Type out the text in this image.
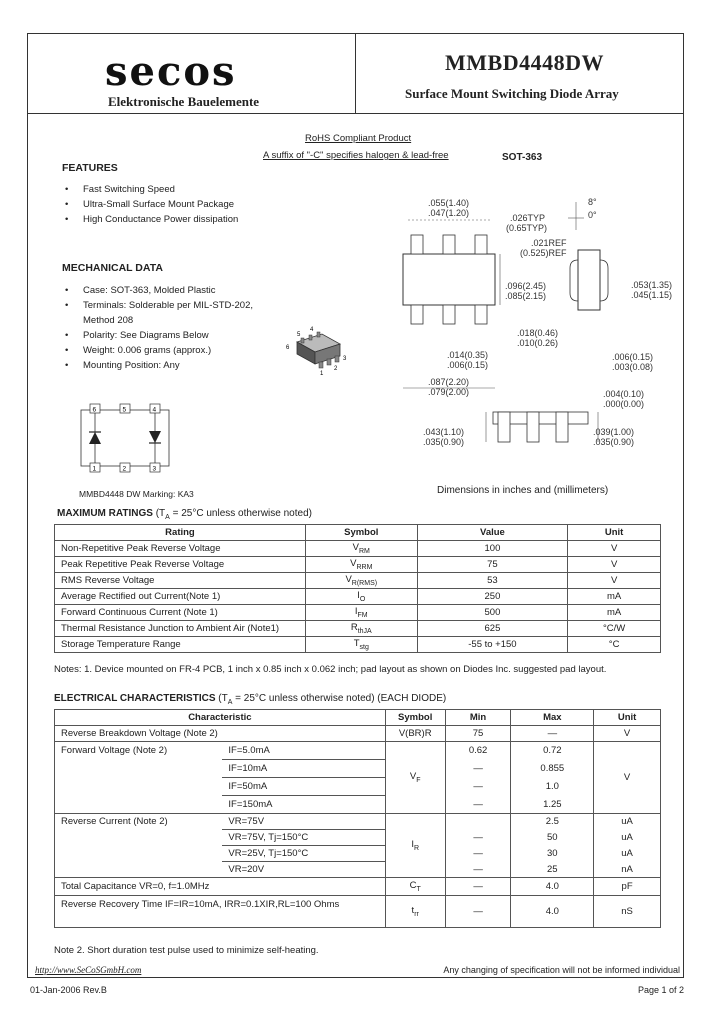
secos
Elektronische Bauelemente
MMBD4448DW
Surface Mount Switching Diode Array
RoHS Compliant Product
A suffix of "-C" specifies halogen & lead-free	SOT-363
FEATURES
• Fast Switching Speed
• Ultra-Small Surface Mount Package
• High Conductance Power dissipation
MECHANICAL DATA
• Case: SOT-363, Molded Plastic
• Terminals: Solderable per MIL-STD-202,
Method 208
• Polarity: See Diagrams Below
• Weight: 0.006 grams (approx.)
• Mounting Position: Any
4
5
6
1
2
3
6	5	4
1	2	3
MMBD4448 DW Marking: KA3
.055(1.40)
.047(1.20)	.026TYP
(0.65TYP)
.021REF
(0.525)REF
.096(2.45)
.085(2.15)
.018(0.46)
.010(0.26)
.014(0.35)
.006(0.15)
.087(2.20)
.079(2.00)
.053(1.35)
.045(1.15)
.006(0.15)
.003(0.08)
.004(0.10)
.000(0.00)
.043(1.10)
.035(0.90)
.039(1.00)
.035(0.90)
8°
0°
Dimensions in inches and (millimeters)
MAXIMUM RATINGS ($T_A = 25^\circ C$ unless otherwise noted)
Rating	Symbol	Value	Unit
Non-Repetitive Peak Reverse Voltage	$V_{RM}$	100	V
Peak Repetitive Peak Reverse Voltage	$V_{RRM}$	75	V
RMS Reverse Voltage	$V_{R(RMS)}$	53	V
Average Rectified out Current(Note 1)	$I_O$	250	mA
Forward Continuous Current (Note 1)	$I_{FM}$	500	mA
Thermal Resistance Junction to Ambient Air (Note1)	$R_{thJA}$	625	°C/W
Storage Temperature Range	$T_{stg}$	-55 to +150	°C
Notes: 1. Device mounted on FR-4 PCB, 1 inch x 0.85 inch x 0.062 inch; pad layout as shown on Diodes Inc. suggested pad layout.
ELECTRICAL CHARACTERISTICS ($T_A = 25^\circ C$ unless otherwise noted) (EACH DIODE)
Characteristic		Symbol	Min	Max	Unit
Reverse Breakdown Voltage (Note 2)		V(BR)R	75	—	V
Forward Voltage (Note 2)	IF=5.0mA	$V_F$	0.62	0.72	V
	IF=10mA		—	0.855	
	IF=50mA		—	1.0	
	IF=150mA		—	1.25	
Reverse Current (Note 2)	VR=75V	$I_R$		2.5	uA
	VR=75V, Tj=150°C		—	50	uA
	VR=25V, Tj=150°C		—	30	uA
	VR=20V		—	25	nA
Total Capacitance VR=0, f=1.0MHz		$C_T$	—	4.0	pF
Reverse Recovery Time IF=IR=10mA, IRR=0.1XIR,RL=100 Ohms		$t_{rr}$	—	4.0	nS
Note 2. Short duration test pulse used to minimize self-heating.
http://www.SeCoSGmbH.com	Any changing of specification will not be informed individual
01-Jan-2006 Rev.B	Page 1 of 2
